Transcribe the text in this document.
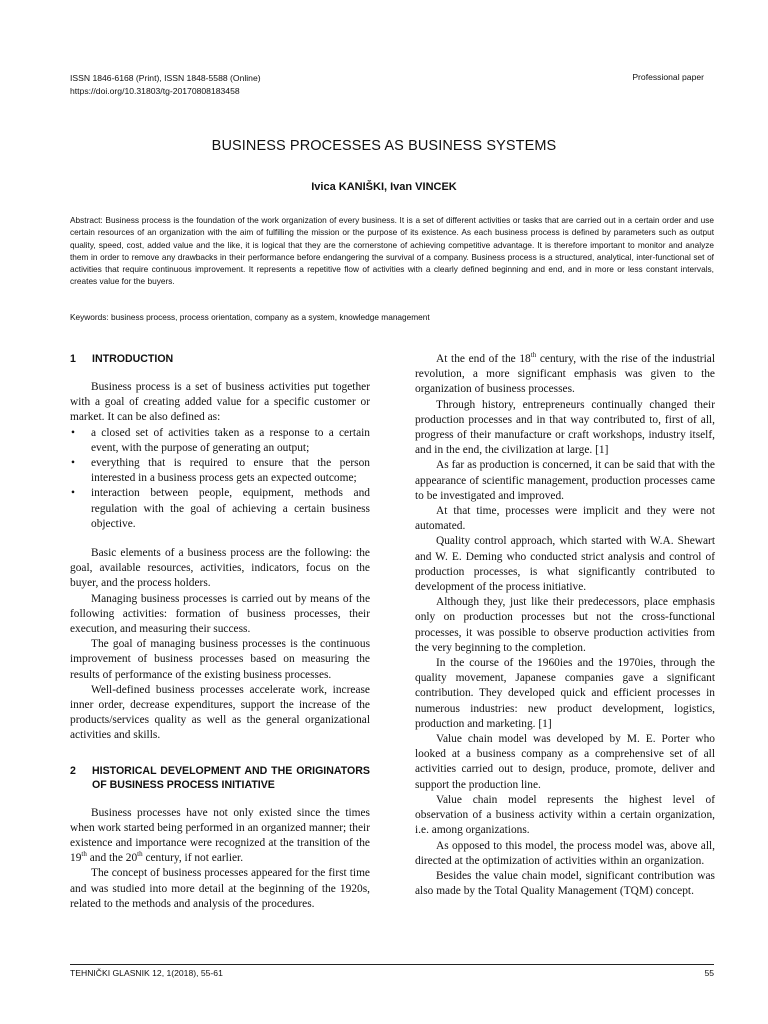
ISSN 1846-6168 (Print), ISSN 1848-5588 (Online)
https://doi.org/10.31803/tg-20170808183458
Professional paper
BUSINESS PROCESSES AS BUSINESS SYSTEMS
Ivica KANIŠKI, Ivan VINCEK
Abstract: Business process is the foundation of the work organization of every business. It is a set of different activities or tasks that are carried out in a certain order and use certain resources of an organization with the aim of fulfilling the mission or the purpose of its existence. As each business process is defined by parameters such as output quality, speed, cost, added value and the like, it is logical that they are the cornerstone of achieving competitive advantage. It is therefore important to monitor and analyze them in order to remove any drawbacks in their performance before endangering the survival of a company. Business process is a structured, analytical, inter-functional set of activities that require continuous improvement. It represents a repetitive flow of activities with a clearly defined beginning and end, and in more or less constant intervals, creates value for the buyers.
Keywords: business process, process orientation, company as a system, knowledge management
1	INTRODUCTION

Business process is a set of business activities put together with a goal of creating added value for a specific customer or market. It can be also defined as:

• a closed set of activities taken as a response to a certain event, with the purpose of generating an output;
• everything that is required to ensure that the person interested in a business process gets an expected outcome;
• interaction between people, equipment, methods and regulation with the goal of achieving a certain business objective.

Basic elements of a business process are the following: the goal, available resources, activities, indicators, focus on the buyer, and the process holders.

Managing business processes is carried out by means of the following activities: formation of business processes, their execution, and measuring their success.

The goal of managing business processes is the continuous improvement of business processes based on measuring the results of performance of the existing business processes.

Well-defined business processes accelerate work, increase inner order, decrease expenditures, support the increase of the products/services quality as well as the general organizational activities and skills.

2	HISTORICAL DEVELOPMENT AND THE ORIGINATORS OF BUSINESS PROCESS INITIATIVE

Business processes have not only existed since the times when work started being performed in an organized manner; their existence and importance were recognized at the transition of the 19th and the 20th century, if not earlier.

The concept of business processes appeared for the first time and was studied into more detail at the beginning of the 1920s, related to the methods and analysis of the procedures.

At the end of the 18th century, with the rise of the industrial revolution, a more significant emphasis was given to the organization of business processes.

Through history, entrepreneurs continually changed their production processes and in that way contributed to, first of all, progress of their manufacture or craft workshops, industry itself, and in the end, the civilization at large. [1]

As far as production is concerned, it can be said that with the appearance of scientific management, production processes came to be investigated and improved.

At that time, processes were implicit and they were not automated.

Quality control approach, which started with W.A. Shewart and W. E. Deming who conducted strict analysis and control of production processes, is what significantly contributed to development of the process initiative.

Although they, just like their predecessors, place emphasis only on production processes but not the cross-functional processes, it was possible to observe production activities from the very beginning to the completion.

In the course of the 1960ies and the 1970ies, through the quality movement, Japanese companies gave a significant contribution. They developed quick and efficient processes in numerous industries: new product development, logistics, production and marketing. [1]

Value chain model was developed by M. E. Porter who looked at a business company as a comprehensive set of all activities carried out to design, produce, promote, deliver and support the production line.

Value chain model represents the highest level of observation of a business activity within a certain organization, i.e. among organizations.

As opposed to this model, the process model was, above all, directed at the optimization of activities within an organization.

Besides the value chain model, significant contribution was also made by the Total Quality Management (TQM) concept.

TEHNIČKI GLASNIK 12, 1(2018), 55-61	55
